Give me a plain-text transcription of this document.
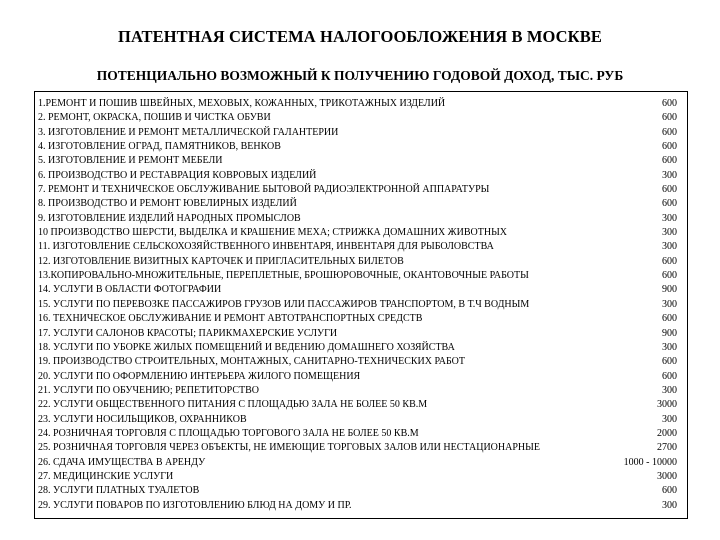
ПАТЕНТНАЯ СИСТЕМА НАЛОГООБЛОЖЕНИЯ В МОСКВЕ
ПОТЕНЦИАЛЬНО ВОЗМОЖНЫЙ К ПОЛУЧЕНИЮ ГОДОВОЙ ДОХОД, ТЫС. РУБ
1.РЕМОНТ И ПОШИВ ШВЕЙНЫХ, МЕХОВЫХ, КОЖАННЫХ, ТРИКОТАЖНЫХ ИЗДЕЛИЙ	600
2. РЕМОНТ, ОКРАСКА, ПОШИВ И ЧИСТКА ОБУВИ	600
3. ИЗГОТОВЛЕНИЕ И РЕМОНТ МЕТАЛЛИЧЕСКОЙ ГАЛАНТЕРИИ	600
4. ИЗГОТОВЛЕНИЕ ОГРАД, ПАМЯТНИКОВ, ВЕНКОВ	600
5. ИЗГОТОВЛЕНИЕ И РЕМОНТ МЕБЕЛИ	600
6. ПРОИЗВОДСТВО И РЕСТАВРАЦИЯ КОВРОВЫХ ИЗДЕЛИЙ	300
7. РЕМОНТ И ТЕХНИЧЕСКОЕ ОБСЛУЖИВАНИЕ БЫТОВОЙ РАДИОЭЛЕКТРОННОЙ АППАРАТУРЫ	600
8. ПРОИЗВОДСТВО И РЕМОНТ ЮВЕЛИРНЫХ ИЗДЕЛИЙ	600
9. ИЗГОТОВЛЕНИЕ ИЗДЕЛИЙ НАРОДНЫХ ПРОМЫСЛОВ	300
10 ПРОИЗВОДСТВО ШЕРСТИ, ВЫДЕЛКА И КРАШЕНИЕ МЕХА; СТРИЖКА ДОМАШНИХ ЖИВОТНЫХ	300
11. ИЗГОТОВЛЕНИЕ СЕЛЬСКОХОЗЯЙСТВЕННОГО ИНВЕНТАРЯ, ИНВЕНТАРЯ ДЛЯ РЫБОЛОВСТВА	300
12. ИЗГОТОВЛЕНИЕ ВИЗИТНЫХ КАРТОЧЕК И ПРИГЛАСИТЕЛЬНЫХ БИЛЕТОВ	600
13.КОПИРОВАЛЬНО-МНОЖИТЕЛЬНЫЕ, ПЕРЕПЛЕТНЫЕ, БРОШЮРОВОЧНЫЕ, ОКАНТОВОЧНЫЕ РАБОТЫ	600
14. УСЛУГИ В ОБЛАСТИ ФОТОГРАФИИ	900
15. УСЛУГИ ПО ПЕРЕВОЗКЕ ПАССАЖИРОВ ГРУЗОВ ИЛИ ПАССАЖИРОВ ТРАНСПОРТОМ, В Т.Ч ВОДНЫМ	300
16. ТЕХНИЧЕСКОЕ ОБСЛУЖИВАНИЕ И РЕМОНТ АВТОТРАНСПОРТНЫХ СРЕДСТВ	600
17. УСЛУГИ САЛОНОВ КРАСОТЫ; ПАРИКМАХЕРСКИЕ УСЛУГИ	900
18. УСЛУГИ ПО УБОРКЕ ЖИЛЫХ ПОМЕЩЕНИЙ И ВЕДЕНИЮ ДОМАШНЕГО ХОЗЯЙСТВА	300
19. ПРОИЗВОДСТВО СТРОИТЕЛЬНЫХ, МОНТАЖНЫХ, САНИТАРНО-ТЕХНИЧЕСКИХ РАБОТ	600
20. УСЛУГИ ПО ОФОРМЛЕНИЮ ИНТЕРЬЕРА ЖИЛОГО ПОМЕЩЕНИЯ	600
21. УСЛУГИ ПО ОБУЧЕНИЮ; РЕПЕТИТОРСТВО	300
22. УСЛУГИ ОБЩЕСТВЕННОГО ПИТАНИЯ С ПЛОЩАДЬЮ ЗАЛА НЕ БОЛЕЕ 50 КВ.М	3000
23. УСЛУГИ НОСИЛЬЩИКОВ, ОХРАННИКОВ	300
24. РОЗНИЧНАЯ ТОРГОВЛЯ С ПЛОЩАДЬЮ ТОРГОВОГО ЗАЛА НЕ БОЛЕЕ 50 КВ.М	2000
25. РОЗНИЧНАЯ ТОРГОВЛЯ ЧЕРЕЗ ОБЪЕКТЫ, НЕ ИМЕЮЩИЕ ТОРГОВЫХ ЗАЛОВ ИЛИ НЕСТАЦИОНАРНЫЕ	2700
26. СДАЧА ИМУЩЕСТВА В АРЕНДУ	1000 - 10000
27. МЕДИЦИНСКИЕ УСЛУГИ	3000
28. УСЛУГИ ПЛАТНЫХ ТУАЛЕТОВ	600
29. УСЛУГИ ПОВАРОВ ПО ИЗГОТОВЛЕНИЮ БЛЮД НА ДОМУ И ПР.	300
